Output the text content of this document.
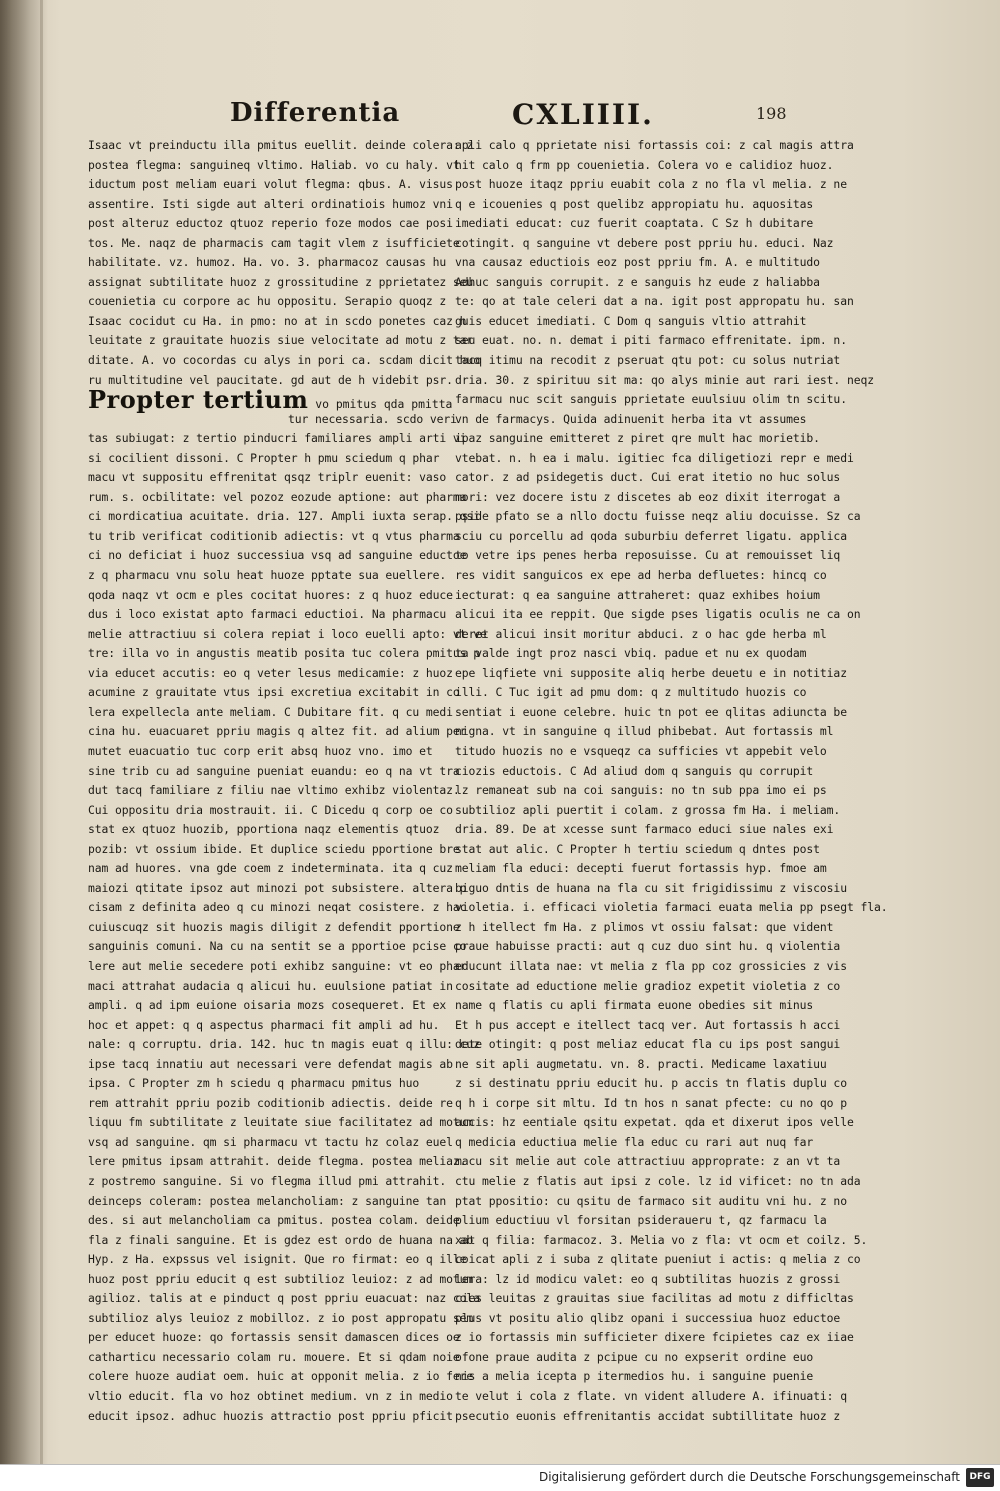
Differentia	CXLIIII.	198
Isaac vt preinductu illa pmitus euellit. deinde colera: z
postea flegma: sanguineq vltimo. Haliab. vo cu haly. vt
iductum post meliam euari volut flegma: qbus. A. visus
assentire. Isti sigde aut alteri ordinatiois humoz vni
post alteruz eductoz qtuoz reperio foze modos cae posi
tos. Me. naqz de pharmacis cam tagit vlem z isufficiete
habilitate. vz. humoz. Ha. vo. 3. pharmacoz causas hu
assignat subtilitate huoz z grossitudine z pprietatez seu
couenietia cu corpore ac hu oppositu. Serapio quoqz z
Isaac cocidut cu Ha. in pmo: no at in scdo ponetes caz h
leuitate z grauitate huozis siue velocitate ad motu z tar
ditate. A. vo cocordas cu alys in pori ca. scdam dicit huo
ru multitudine vel paucitate. gd aut de h videbit psr.
Propter tertium vo pmitus qda pmitta
tur necessaria. scdo veri
tas subiugat: z tertio pinducri familiares ampli arti vi
si cocilient dissoni. C Propter h pmu sciedum q phar
macu vt suppositu effrenitat qsqz triplr euenit: vaso
rum. s. ocbilitate: vel pozoz eozude aptione: aut pharma
ci mordicatiua acuitate. dria. 127. Ampli iuxta serap. qsi
tu trib verificat coditionib adiectis: vt q vtus pharma
ci no deficiat i huoz successiua vsq ad sanguine eductoe
z q pharmacu vnu solu heat huoze pptate sua euellere.
qoda naqz vt ocm e ples cocitat huores: z q huoz educe
dus i loco existat apto farmaci eductioi. Na pharmacu
melie attractiuu si colera repiat i loco euelli apto: vt ve
tre: illa vo in angustis meatib posita tuc colera pmitus p
via educet accutis: eo q veter lesus medicamie: z huoz
acumine z grauitate vtus ipsi excretiua excitabit in co
lera expellecla ante meliam. C Dubitare fit. q cu medi
cina hu. euacuaret ppriu magis q altez fit. ad alium per
mutet euacuatio tuc corp erit absq huoz vno. imo et
sine trib cu ad sanguine pueniat euandu: eo q na vt tra
dut tacq familiare z filiu nae vltimo exhibz violentaz.
Cui oppositu dria mostrauit. ii. C Dicedu q corp oe co
stat ex qtuoz huozib, pportiona naqz elementis qtuoz
pozib: vt ossium ibide. Et duplice sciedu pportione bre
nam ad huores. vna gde coem z indeterminata. ita q cuz
maiozi qtitate ipsoz aut minozi pot subsistere. altera p
cisam z definita adeo q cu minozi neqat cosistere. z hac
cuiuscuqz sit huozis magis diligit z defendit pportione
sanguinis comuni. Na cu na sentit se a pportioe pcise co
lere aut melie secedere poti exhibz sanguine: vt eo phar
maci attrahat audacia q alicui hu. euulsione patiat in
ampli. q ad ipm euione oisaria mozs cosequeret. Et ex
hoc et appet: q q aspectus pharmaci fit ampli ad hu.
nale: q corruptu. dria. 142. huc tn magis euat q illu: cuz
ipse tacq innatiu aut necessari vere defendat magis ab
ipsa. C Propter zm h sciedu q pharmacu pmitus huo
rem attrahit ppriu pozib coditionib adiectis. deide re
liquu fm subtilitate z leuitate siue facilitatez ad motum
vsq ad sanguine. qm si pharmacu vt tactu hz colaz euel
lere pmitus ipsam attrahit. deide flegma. postea meliaz.
z postremo sanguine. Si vo flegma illud pmi attrahit.
deinceps coleram: postea melancholiam: z sanguine tan
des. si aut melancholiam ca pmitus. postea colam. deide
fla z finali sanguine. Et is gdez est ordo de huana na ab
Hyp. z Ha. expssus vel isignit. Que ro firmat: eo q ille
huoz post ppriu educit q est subtilioz leuioz: z ad motum
agilioz. talis at e pinduct q post ppriu euacuat: naz cola
subtilioz alys leuioz z mobilloz. z io post appropatu sem
per educet huoze: qo fortassis sensit damascen dices oe
catharticu necessario colam ru. mouere. Et si qdam noie
colere huoze audiat oem. huic at opponit melia. z io fere
vltio educit. fla vo hoz obtinet medium. vn z in medio
educit ipsoz. adhuc huozis attractio post ppriu pficit
apli calo q pprietate nisi fortassis coi: z cal magis attra
hit calo q frm pp couenietia. Colera vo e calidioz huoz.
post huoze itaqz ppriu euabit cola z no fla vl melia. z ne
q e icouenies q post quelibz appropiatu hu. aquositas
imediati educat: cuz fuerit coaptata. C Sz h dubitare
cotingit. q sanguine vt debere post ppriu hu. educi. Naz
vna causaz eductiois eoz post ppriu fm. A. e multitudo
Adhuc sanguis corrupit. z e sanguis hz eude z haliabba
te: qo at tale celeri dat a na. igit post appropatu hu. san
guis educet imediati. C Dom q sanguis vltio attrahit
seu euat. no. n. demat i piti farmaco effrenitate. ipm. n.
tacq itimu na recodit z pseruat qtu pot: cu solus nutriat
dria. 30. z spirituu sit ma: qo alys minie aut rari iest. neqz
farmacu nuc scit sanguis pprietate euulsiuu olim tn scitu.
vn de farmacys. Quida adinuenit herba ita vt assumes
ipaz sanguine emitteret z piret qre mult hac morietib.
vtebat. n. h ea i malu. igitiec fca diligetiozi repr e medi
cator. z ad psidegetis duct. Cui erat itetio no huc solus
mori: vez docere istu z discetes ab eoz dixit iterrogat a
pside pfato se a nllo doctu fuisse neqz aliu docuisse. Sz ca
sciu cu porcellu ad qoda suburbiu deferret ligatu. applica
to vetre ips penes herba reposuisse. Cu at remouisset liq
res vidit sanguicos ex epe ad herba defluetes: hincq co
iecturat: q ea sanguine attraheret: quaz exhibes hoium
alicui ita ee reppit. Que sigde pses ligatis oculis ne ca on
deret alicui insit moritur abduci. z o hac gde herba ml
ta valde ingt proz nasci vbiq. padue et nu ex quodam
epe liqfiete vni supposite aliq herbe deuetu e in notitiaz
illi. C Tuc igit ad pmu dom: q z multitudo huozis co
sentiat i euone celebre. huic tn pot ee qlitas adiuncta be
nigna. vt in sanguine q illud phibebat. Aut fortassis ml
titudo huozis no e vsqueqz ca sufficies vt appebit velo
ciozis eductois. C Ad aliud dom q sanguis qu corrupit
lz remaneat sub na coi sanguis: no tn sub ppa imo ei ps
subtilioz apli puertit i colam. z grossa fm Ha. i meliam.
dria. 89. De at xcesse sunt farmaco educi siue nales exi
stat aut alic. C Propter h tertiu sciedum q dntes post
meliam fla educi: decepti fuerut fortassis hyp. fmoe am
biguo dntis de huana na fla cu sit frigidissimu z viscosiu
violetia. i. efficaci violetia farmaci euata melia pp psegt fla.
z h itellect fm Ha. z plimos vt ossiu falsat: que vident
praue habuisse practi: aut q cuz duo sint hu. q violentia
educunt illata nae: vt melia z fla pp coz grossicies z vis
cositate ad eductione melie gradioz expetit violetia z co
name q flatis cu apli firmata euone obedies sit minus
Et h pus accept e itellect tacq ver. Aut fortassis h acci
dete otingit: q post meliaz educat fla cu ips post sangui
ne sit apli augmetatu. vn. 8. practi. Medicame laxatiuu
z si destinatu ppriu educit hu. p accis tn flatis duplu co
q h i corpe sit mltu. Id tn hos n sanat pfecte: cu no qo p
accis: hz eentiale qsitu expetat. qda et dixerut ipos velle
q medicia eductiua melie fla educ cu rari aut nuq far
macu sit melie aut cole attractiuu approprate: z an vt ta
ctu melie z flatis aut ipsi z cole. lz id vificet: no tn ada
ptat ppositio: cu qsitu de farmaco sit auditu vni hu. z no
plium eductiuu vl forsitan psideraueru t, qz farmacu la
xat q filia: farmacoz. 3. Melia vo z fla: vt ocm et coilz. 5.
coicat apli z i suba z qlitate pueniut i actis: q melia z co
lera: lz id modicu valet: eo q subtilitas huozis z grossi
cies leuitas z grauitas siue facilitas ad motu z difficltas
plus vt positu alio qlibz opani i successiua huoz eductoe
z io fortassis min sufficieter dixere fcipietes caz ex iiae
ofone praue audita z pcipue cu no expserit ordine euo
nis a melia icepta p itermedios hu. i sanguine puenie
te velut i cola z flate. vn vident alludere A. ifinuati: q
psecutio euonis effrenitantis accidat subtillitate huoz z
Digitalisierung gefördert durch die Deutsche Forschungsgemeinschaft	DFG
